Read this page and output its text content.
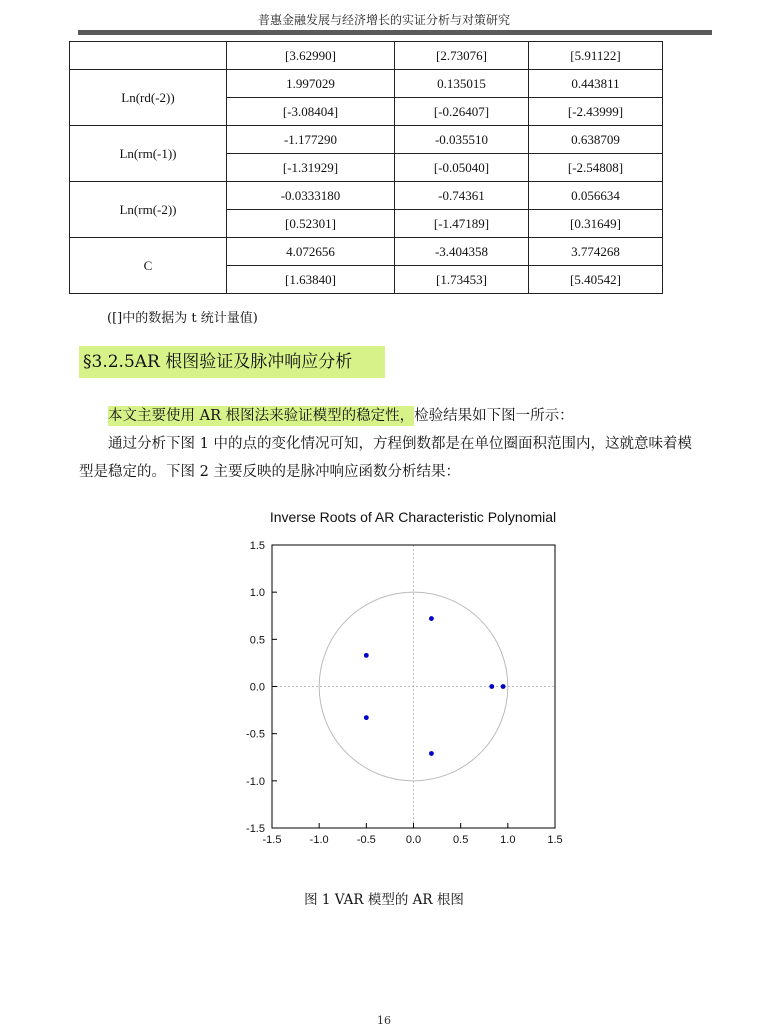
普惠金融发展与经济增长的实证分析与对策研究
	[3.62990]	[2.73076]	[5.91122]
Ln(rd(-2))	1.997029	0.135015	0.443811
	[-3.08404]	[-0.26407]	[-2.43999]
Ln(rm(-1))	-1.177290	-0.035510	0.638709
	[-1.31929]	[-0.05040]	[-2.54808]
Ln(rm(-2))	-0.0333180	-0.74361	0.056634
	[0.52301]	[-1.47189]	[0.31649]
C	4.072656	-3.404358	3.774268
	[1.63840]	[1.73453]	[5.40542]
([]中的数据为 t 统计量值)
§3.2.5AR 根图验证及脉冲响应分析
本文主要使用 AR 根图法来验证模型的稳定性，检验结果如下图一所示：
通过分析下图 1 中的点的变化情况可知，方程倒数都是在单位圈面积范围内，这就意味着模型是稳定的。下图 2 主要反映的是脉冲响应函数分析结果：
Inverse Roots of AR Characteristic Polynomial
-1.5	-1.0	-0.5	0.0	0.5	1.0	1.5
1.5
1.0
0.5
0.0
-0.5
-1.0
-1.5
图 1 VAR 模型的 AR 根图
16
